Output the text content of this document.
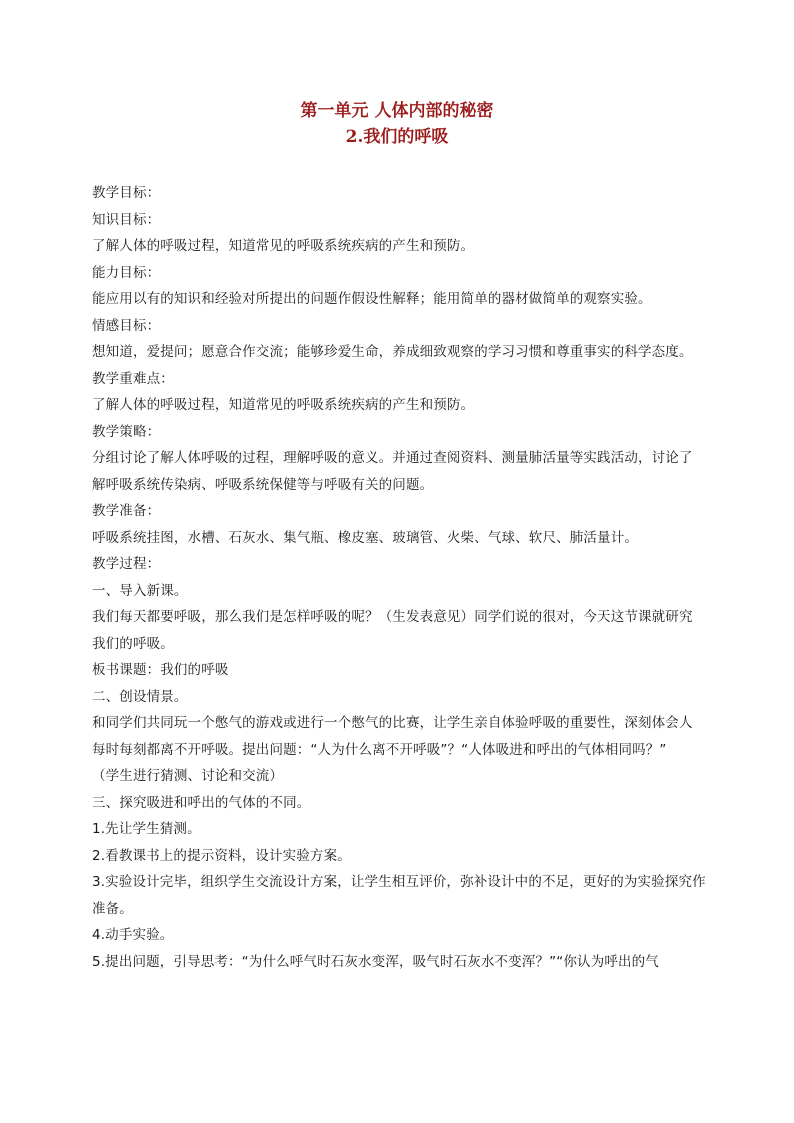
第一单元 人体内部的秘密
2.我们的呼吸

教学目标：

知识目标：

了解人体的呼吸过程，知道常见的呼吸系统疾病的产生和预防。

能力目标：

能应用以有的知识和经验对所提出的问题作假设性解释；能用简单的器材做简单的观察实验。

情感目标：

想知道，爱提问；愿意合作交流；能够珍爱生命，养成细致观察的学习习惯和尊重事实的科学态度。

教学重难点：

了解人体的呼吸过程，知道常见的呼吸系统疾病的产生和预防。

教学策略：

分组讨论了解人体呼吸的过程，理解呼吸的意义。并通过查阅资料、测量肺活量等实践活动，讨论了解呼吸系统传染病、呼吸系统保健等与呼吸有关的问题。

教学准备：

呼吸系统挂图，水槽、石灰水、集气瓶、橡皮塞、玻璃管、火柴、气球、软尺、肺活量计。

教学过程：

一、导入新课。

我们每天都要呼吸，那么我们是怎样呼吸的呢？（生发表意见）同学们说的很对，今天这节课就研究我们的呼吸。

板书课题：我们的呼吸

二、创设情景。

和同学们共同玩一个憋气的游戏或进行一个憋气的比赛，让学生亲自体验呼吸的重要性，深刻体会人每时每刻都离不开呼吸。提出问题：“人为什么离不开呼吸”？“人体吸进和呼出的气体相同吗？”

（学生进行猜测、讨论和交流）

三、探究吸进和呼出的气体的不同。

1.先让学生猜测。

2.看教课书上的提示资料，设计实验方案。

3.实验设计完毕，组织学生交流设计方案，让学生相互评价，弥补设计中的不足，更好的为实验探究作准备。

4.动手实验。

5.提出问题，引导思考：“为什么呼气时石灰水变浑，吸气时石灰水不变浑？”“你认为呼出的气
